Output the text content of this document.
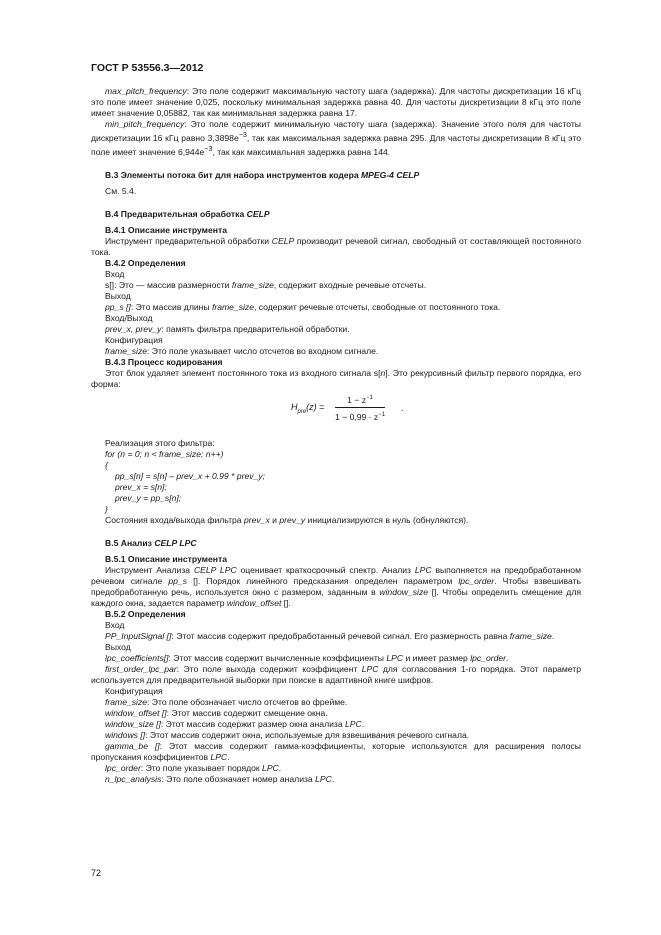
ГОСТ Р 53556.3—2012

max_pitch_frequency: Это поле содержит максимальную частоту шага (задержка). Для частоты дискретизации 16 кГц это поле имеет значение 0,025, поскольку минимальная задержка равна 40. Для частоты дискретизации 8 кГц это поле имеет значение 0,05882, так как минимальная задержка равна 17.

min_pitch_frequency: Это поле содержит минимальную частоту шага (задержка). Значение этого поля для частоты дискретизации 16 кГц равно $3,3898e^{-3}$, так как максимальная задержка равна 295. Для частоты дискретизации 8 кГц это поле имеет значение $6,944e^{-3}$, так как максимальная задержка равна 144.

В.3 Элементы потока бит для набора инструментов кодера MPEG-4 CELP

См. 5.4.

В.4 Предварительная обработка CELP

В.4.1 Описание инструмента

Инструмент предварительной обработки CELP производит речевой сигнал, свободный от составляющей постоянного тока.

В.4.2 Определения

Вход

s[]: Это — массив размерности frame_size, содержит входные речевые отсчеты.

Выход

pp_s []: Это массив длины frame_size, содержит речевые отсчеты, свободные от постоянного тока.

Вход/Выход

prev_x, prev_y: память фильтра предварительной обработки.

Конфигурация

frame_size: Это поле указывает число отсчетов во входном сигнале.

В.4.3 Процесс кодирования

Этот блок удаляет элемент постоянного тока из входного сигнала s[n]. Это рекурсивный фильтр первого порядка, его форма:

$H_{pre}(z) = \frac{1 - z^{-1}}{1 - 0,99 \cdot z^{-1}}$ .

Реализация этого фильтра:

for (n = 0; n < frame_size; n++)

{

pp_s[n] = s[n] – prev_x + 0.99 * prev_y;

prev_x = s[n];

prev_y = pp_s[n];

}

Состояния входа/выхода фильтра prev_x и prev_y инициализируются в нуль (обнуляются).

В.5 Анализ CELP LPC

В.5.1 Описание инструмента

Инструмент Анализа CELP LPC оценивает краткосрочный спектр. Анализ LPC выполняется на предобработанном речевом сигнале pp_s []. Порядок линейного предсказания определен параметром lpc_order. Чтобы взвешивать предобработанную речь, используется окно с размером, заданным в window_size []. Чтобы определить смещение для каждого окна, задается параметр window_offset [].

В.5.2 Определения

Вход

PP_InputSignal []: Этот массив содержит предобработанный речевой сигнал. Его размерность равна frame_size.

Выход

lpc_coefficients[]: Этот массив содержит вычисленные коэффициенты LPC и имеет размер lpc_order.

first_order_lpc_par: Это поле выхода содержит коэффициент LPC для согласования 1-го порядка. Этот параметр используется для предварительной выборки при поиске в адаптивной книге шифров.

Конфигурация

frame_size: Это поле обозначает число отсчетов во фрейме.

window_offset []: Этот массив содержит смещение окна.

window_size []: Этот массив содержит размер окна анализа LPC.

windows []: Этот массив содержит окна, используемые для взвешивания речевого сигнала.

gamma_be []: Этот массив содержит гамма-коэффициенты, которые используются для расширения полосы пропускания коэффициентов LPC.

lpc_order: Это поле указывает порядок LPC.

n_lpc_analysis: Это поле обозначает номер анализа LPC.

72
